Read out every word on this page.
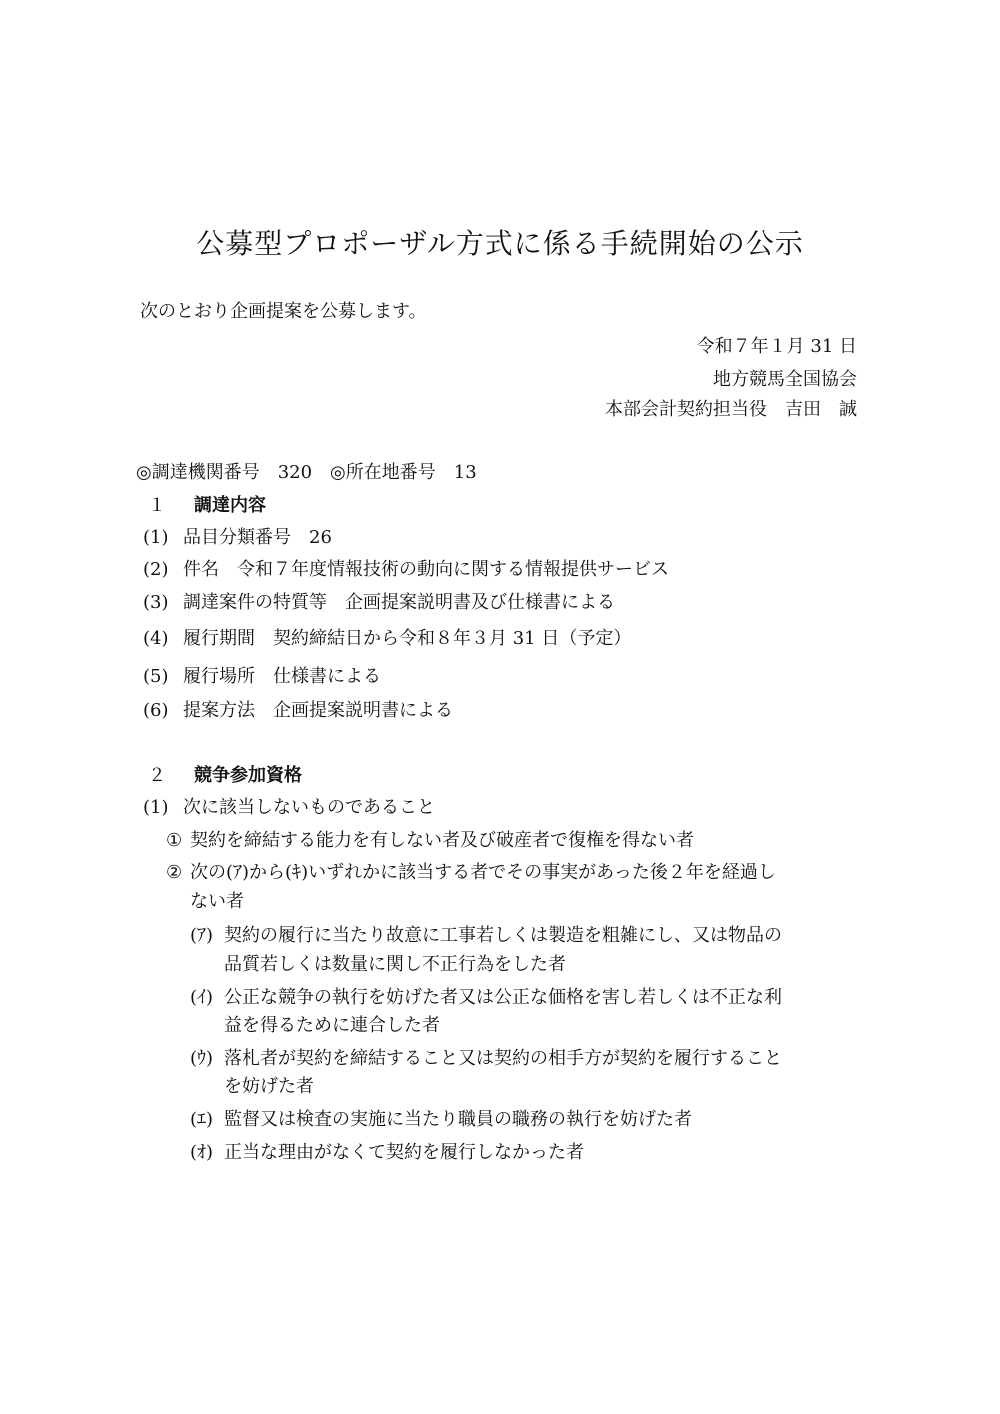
公募型プロポーザル方式に係る手続開始の公示
次のとおり企画提案を公募します。
令和７年１月 31 日
地方競馬全国協会
本部会計契約担当役　吉田　誠
◎調達機関番号　320　◎所在地番号　13
１ 調達内容
(1) 品目分類番号　26
(2) 件名　令和７年度情報技術の動向に関する情報提供サービス
(3) 調達案件の特質等　企画提案説明書及び仕様書による
(4) 履行期間　契約締結日から令和８年３月 31 日（予定）
(5) 履行場所　仕様書による
(6) 提案方法　企画提案説明書による
２ 競争参加資格
(1) 次に該当しないものであること
① 契約を締結する能力を有しない者及び破産者で復権を得ない者
② 次の(ｱ)から(ｷ)いずれかに該当する者でその事実があった後２年を経過し
ない者
(ｱ) 契約の履行に当たり故意に工事若しくは製造を粗雑にし、又は物品の
品質若しくは数量に関し不正行為をした者
(ｲ) 公正な競争の執行を妨げた者又は公正な価格を害し若しくは不正な利
益を得るために連合した者
(ｳ) 落札者が契約を締結すること又は契約の相手方が契約を履行すること
を妨げた者
(ｴ) 監督又は検査の実施に当たり職員の職務の執行を妨げた者
(ｵ) 正当な理由がなくて契約を履行しなかった者
